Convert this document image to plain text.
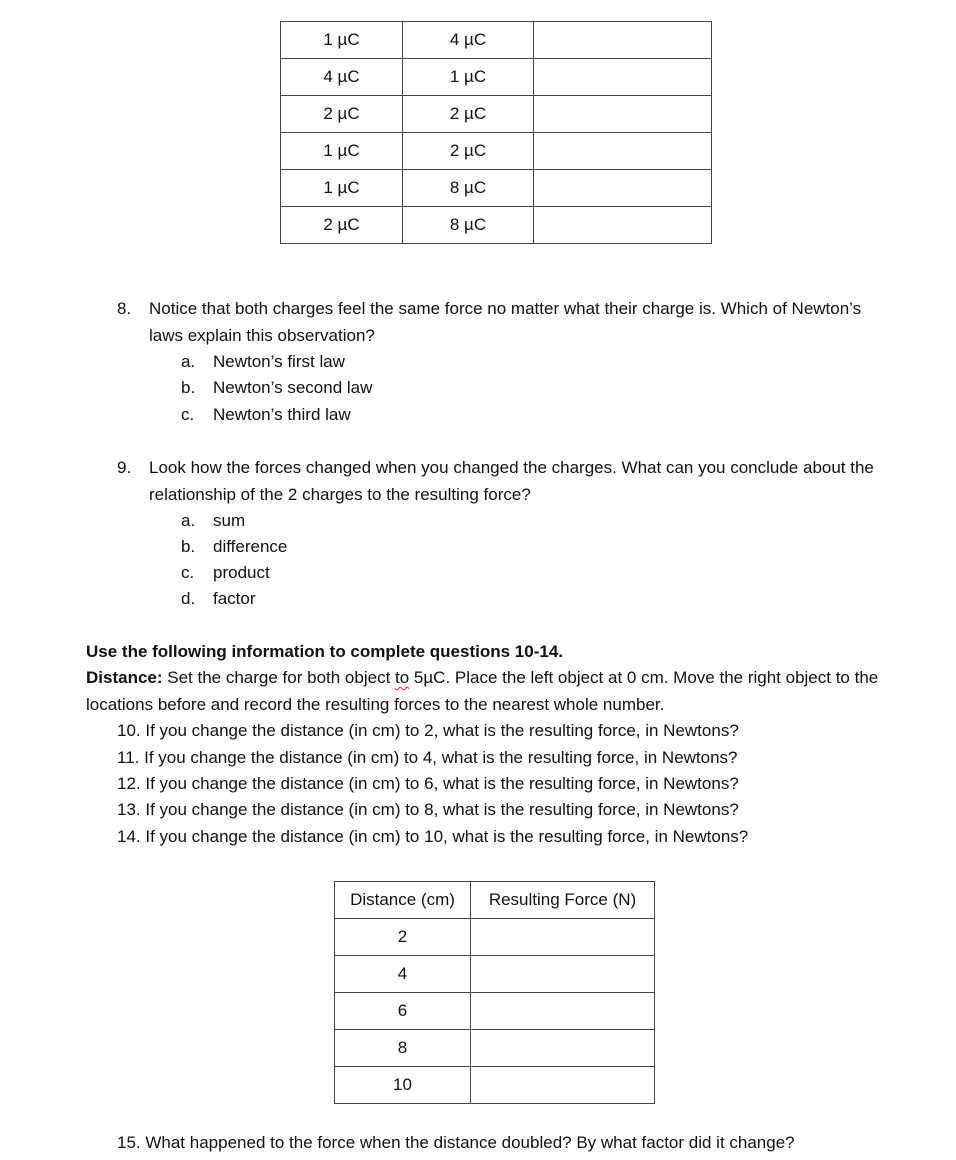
1 µC	4 µC	
4 µC	1 µC	
2 µC	2 µC	
1 µC	2 µC	
1 µC	8 µC	
2 µC	8 µC	
8. Notice that both charges feel the same force no matter what their charge is. Which of Newton’s laws explain this observation?
a. Newton’s first law
b. Newton’s second law
c. Newton’s third law
9. Look how the forces changed when you changed the charges. What can you conclude about the relationship of the 2 charges to the resulting force?
a. sum
b. difference
c. product
d. factor
Use the following information to complete questions 10-14.
Distance: Set the charge for both object to 5µC. Place the left object at 0 cm. Move the right object to the locations before and record the resulting forces to the nearest whole number.
10. If you change the distance (in cm) to 2, what is the resulting force, in Newtons?
11. If you change the distance (in cm) to 4, what is the resulting force, in Newtons?
12. If you change the distance (in cm) to 6, what is the resulting force, in Newtons?
13. If you change the distance (in cm) to 8, what is the resulting force, in Newtons?
14. If you change the distance (in cm) to 10, what is the resulting force, in Newtons?
Distance (cm)	Resulting Force (N)
2	
4	
6	
8	
10	
15. What happened to the force when the distance doubled? By what factor did it change?
